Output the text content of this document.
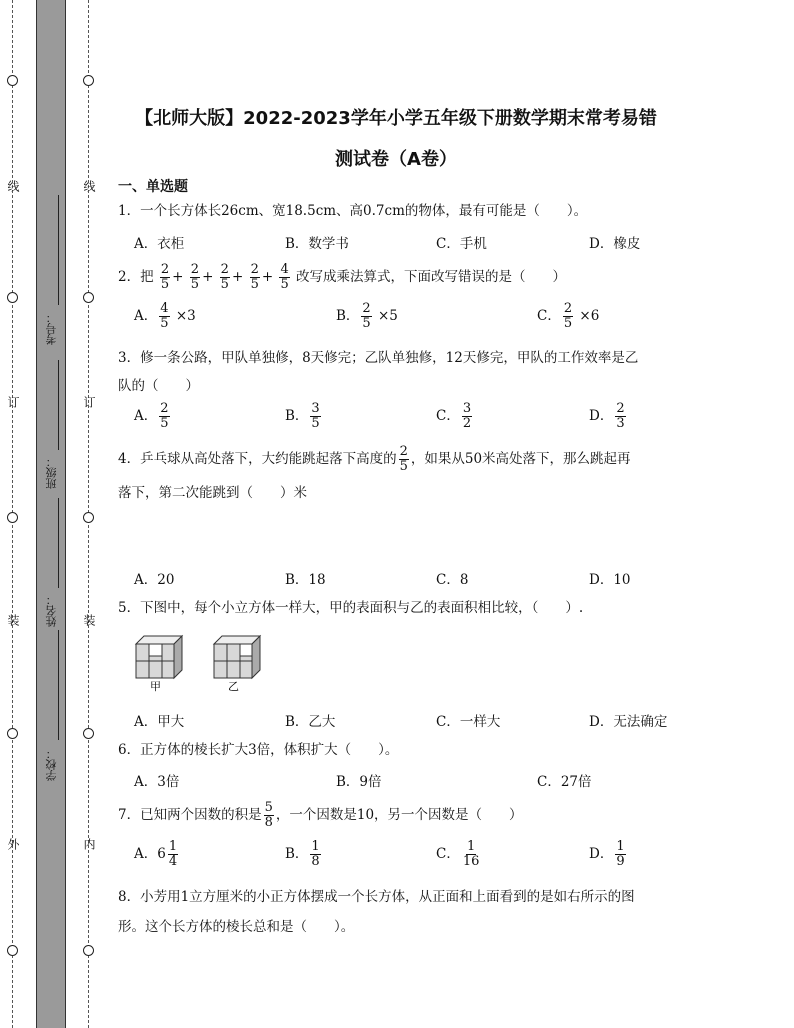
线
订
装
外
线
订
装
内
考号：
班级：
姓名：
学校：
【北师大版】2022-2023学年小学五年级下册数学期末常考易错
测试卷（A卷）
一、单选题
1．一个长方体长26cm、宽18.5cm、高0.7cm的物体，最有可能是（　　）。
A．衣柜	B．数学书	C．手机	D．橡皮
2．把 $\frac{2}{5} + \frac{2}{5} + \frac{2}{5} + \frac{2}{5} + \frac{4}{5}$ 改写成乘法算式，下面改写错误的是（　　）
A． $\frac{4}{5} \times 3$	B． $\frac{2}{5} \times 5$	C． $\frac{2}{5} \times 6$
3．修一条公路，甲队单独修，8天修完；乙队单独修，12天修完，甲队的工作效率是乙
队的（　　）
A． $\frac{2}{5}$	B． $\frac{3}{5}$	C． $\frac{3}{2}$	D． $\frac{2}{3}$
4．乒乓球从高处落下，大约能跳起落下高度的 $\frac{2}{5}$ ，如果从50米高处落下，那么跳起再
落下，第二次能跳到（　　）米
A．20	B．18	C．8	D．10
5．下图中，每个小立方体一样大，甲的表面积与乙的表面积相比较，（　　）.
甲	乙
A．甲大	B．乙大	C．一样大	D．无法确定
6．正方体的棱长扩大3倍，体积扩大（　　）。
A．3倍	B．9倍	C．27倍
7．已知两个因数的积是 $\frac{5}{8}$ ，一个因数是10，另一个因数是（　　）
A．$6 \frac{1}{4}$	B． $\frac{1}{8}$	C． $\frac{1}{16}$	D． $\frac{1}{9}$
8．小芳用1立方厘米的小正方体摆成一个长方体，从正面和上面看到的是如右所示的图
形。这个长方体的棱长总和是（　　）。
